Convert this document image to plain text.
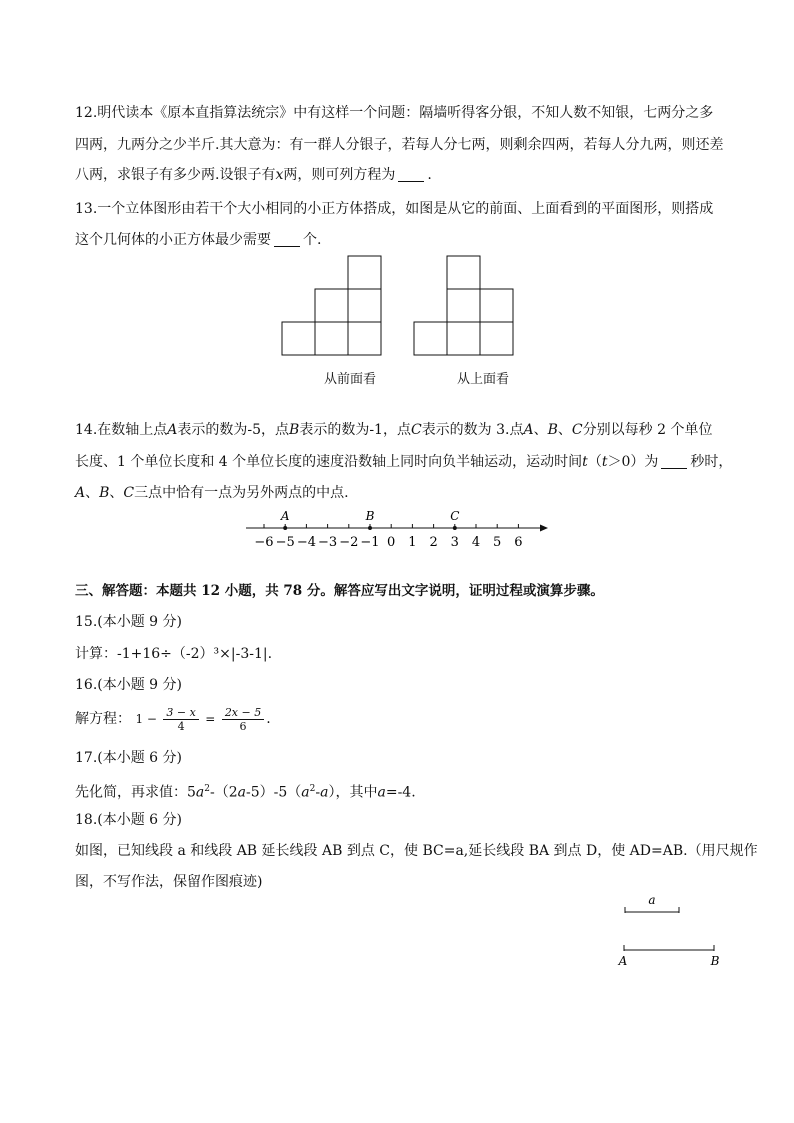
12.明代读本《原本直指算法统宗》中有这样一个问题：隔墙听得客分银，不知人数不知银，七两分之多
四两，九两分之少半斤.其大意为：有一群人分银子，若每人分七两，则剩余四两，若每人分九两，则还差
八两，求银子有多少两.设银子有x两，则可列方程为 .
13.一个立体图形由若干个大小相同的小正方体搭成，如图是从它的前面、上面看到的平面图形，则搭成
这个几何体的小正方体最少需要 个.
从前面看	从上面看
14.在数轴上点A表示的数为-5，点B表示的数为-1，点C表示的数为 3.点A、B、C分别以每秒 2 个单位
长度、1 个单位长度和 4 个单位长度的速度沿数轴上同时向负半轴运动，运动时间t（t＞0）为 秒时，
A、B、C三点中恰有一点为另外两点的中点.
−6 −5 −4 −3 −2 −1 0 1 2 3 4 5 6
A	B	C
三、解答题：本题共 12 小题，共 78 分。解答应写出文字说明，证明过程或演算步骤。
15.(本小题 9 分)
计算：-1+16÷（-2）³×|-3-1|.
16.(本小题 9 分)
解方程： $1 - \frac{3 - x}{4} = \frac{2x - 5}{6}$ .
17.(本小题 6 分)
先化简，再求值：$5a^2-(2a-5)-5(a^2-a)$，其中a=-4.
18.(本小题 6 分)
如图，已知线段 a 和线段 AB 延长线段 AB 到点 C，使 BC=a,延长线段 BA 到点 D，使 AD=AB.（用尺规作
图，不写作法，保留作图痕迹)
a
A	B
